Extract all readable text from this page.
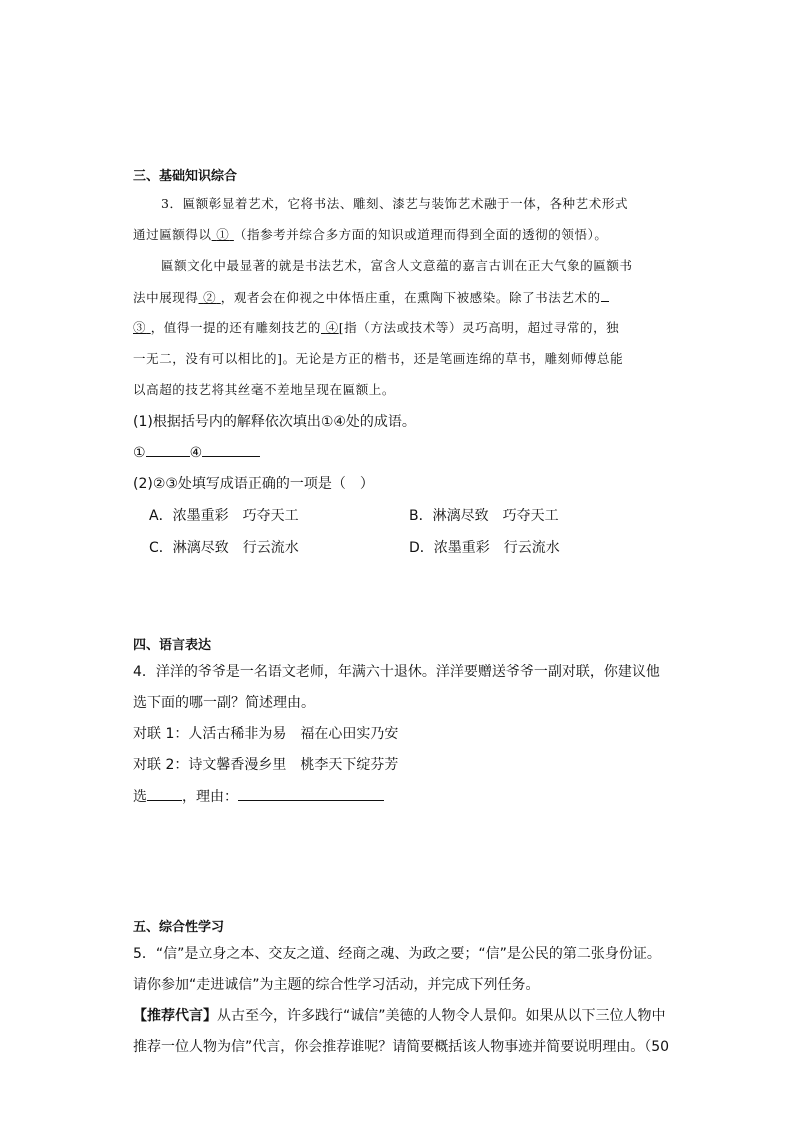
三、基础知识综合
3．匾额彰显着艺术，它将书法、雕刻、漆艺与装饰艺术融于一体，各种艺术形式
通过匾额得以 ① （指参考并综合多方面的知识或道理而得到全面的透彻的领悟）。
匾额文化中最显著的就是书法艺术，富含人文意蕴的嘉言古训在正大气象的匾额书
法中展现得 ② ，观者会在仰视之中体悟庄重，在熏陶下被感染。除了书法艺术的
③ ，值得一提的还有雕刻技艺的 ④[指（方法或技术等）灵巧高明，超过寻常的，独
一无二，没有可以相比的]。无论是方正的楷书，还是笔画连绵的草书，雕刻师傅总能
以高超的技艺将其丝毫不差地呈现在匾额上。
(1)根据括号内的解释依次填出①④处的成语。
①	④
(2)②③处填写成语正确的一项是（　）
A．浓墨重彩　巧夺天工	B．淋漓尽致　巧夺天工
C．淋漓尽致　行云流水	D．浓墨重彩　行云流水
四、语言表达
4．洋洋的爷爷是一名语文老师，年满六十退休。洋洋要赠送爷爷一副对联，你建议他
选下面的哪一副？简述理由。
对联 1：人活古稀非为易　福在心田实乃安
对联 2：诗文馨香漫乡里　桃李天下绽芬芳
选	，理由：
五、综合性学习
5．“信”是立身之本、交友之道、经商之魂、为政之要；“信”是公民的第二张身份证。
请你参加“走进诚信”为主题的综合性学习活动，并完成下列任务。
【推荐代言】从古至今，许多践行“诚信”美德的人物令人景仰。如果从以下三位人物中
推荐一位人物为信”代言，你会推荐谁呢？请简要概括该人物事迹并简要说明理由。（50
